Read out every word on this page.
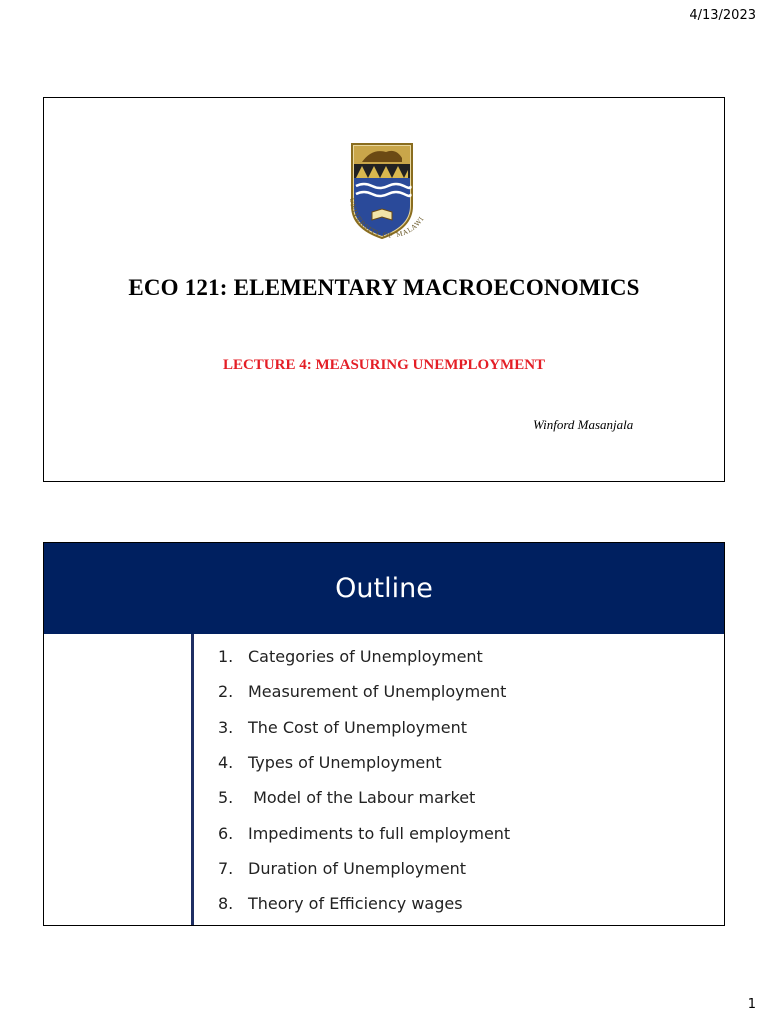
4/13/2023
UNIVERSITY OF MALAWI
ECO 121: ELEMENTARY MACROECONOMICS
LECTURE 4: MEASURING UNEMPLOYMENT
Winford Masanjala
Outline
1. Categories of Unemployment
2. Measurement of Unemployment
3. The Cost of Unemployment
4. Types of Unemployment
5. Model of the Labour market
6. Impediments to full employment
7. Duration of Unemployment
8. Theory of Efficiency wages
1
